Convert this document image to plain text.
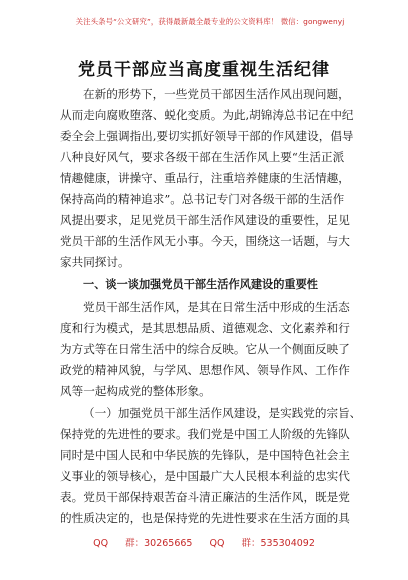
关注头条号“公文研究”，获得最新最全最专业的公文资料库！ 微信：gongwenyj
党员干部应当高度重视生活纪律
在新的形势下，一些党员干部因生活作风出现问题，
从而走向腐败堕落、蜕化变质。为此,胡锦涛总书记在中纪
委全会上强调指出,要切实抓好领导干部的作风建设，倡导
八种良好风气，要求各级干部在生活作风上要“生活正派
情趣健康，讲操守、重品行，注重培养健康的生活情趣，
保持高尚的精神追求”。总书记专门对各级干部的生活作
风提出要求，足见党员干部生活作风建设的重要性，足见
党员干部的生活作风无小事。今天，围绕这一话题，与大
家共同探讨。
一、谈一谈加强党员干部生活作风建设的重要性
党员干部生活作风，是其在日常生活中形成的生活态
度和行为模式，是其思想品质、道德观念、文化素养和行
为方式等在日常生活中的综合反映。它从一个侧面反映了
政党的精神风貌，与学风、思想作风、领导作风、工作作
风等一起构成党的整体形象。
（一）加强党员干部生活作风建设，是实践党的宗旨、
保持党的先进性的要求。我们党是中国工人阶级的先锋队
同时是中国人民和中华民族的先锋队，是中国特色社会主
义事业的领导核心，是中国最广大人民根本利益的忠实代
表。党员干部保持艰苦奋斗清正廉洁的生活作风，既是党
的性质决定的，也是保持党的先进性要求在生活方面的具
QQ 群：30265665 QQ 群：535304092
